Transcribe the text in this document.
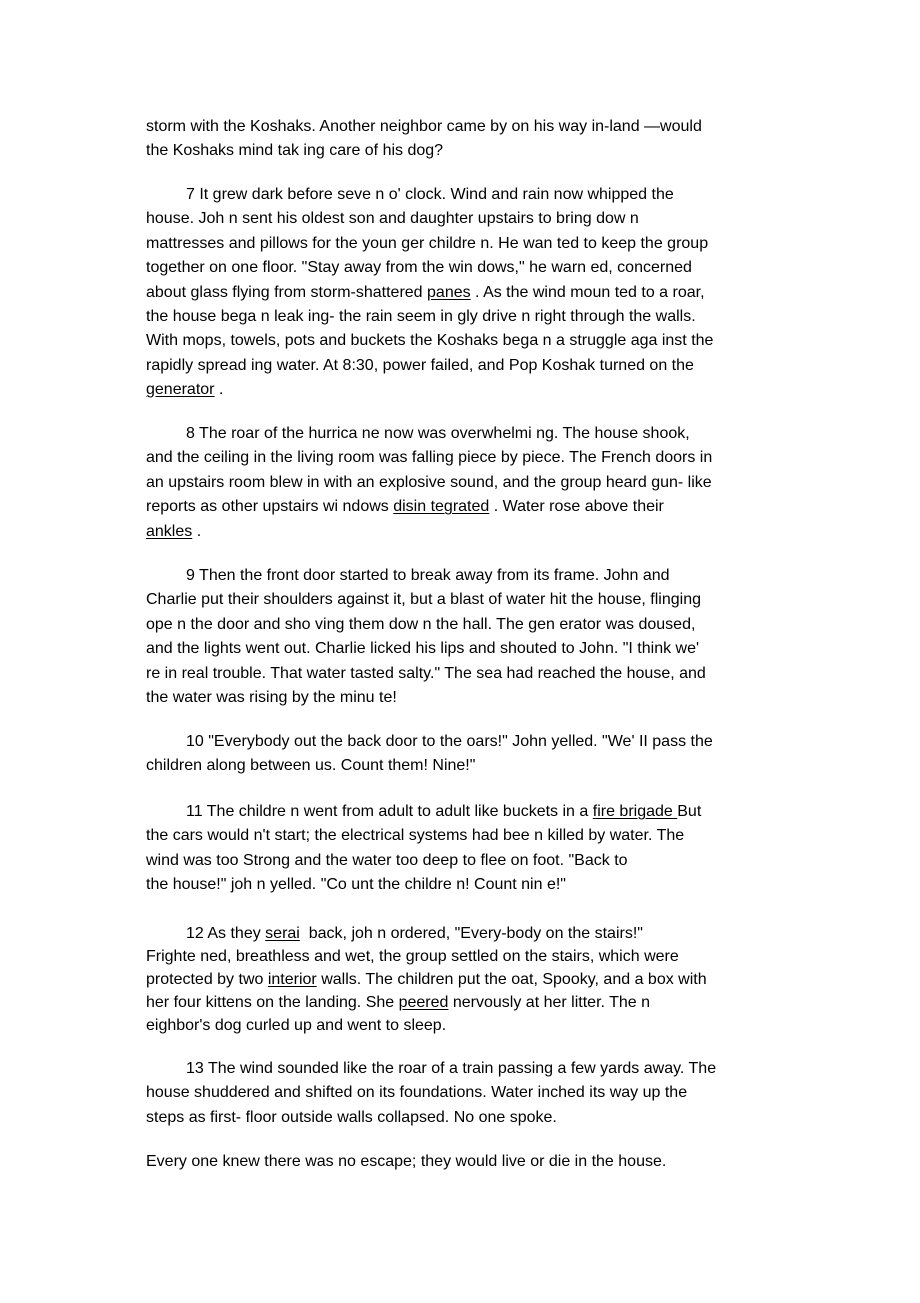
storm with the Koshaks. Another neighbor came by on his way in-land —would
the Koshaks mind tak ing care of his dog?

7 It grew dark before seve n o' clock. Wind and rain now whipped the
house. Joh n sent his oldest son and daughter upstairs to bring dow n
mattresses and pillows for the youn ger childre n. He wan ted to keep the group
together on one floor. "Stay away from the win dows," he warn ed, concerned
about glass flying from storm-shattered panes . As the wind moun ted to a roar,
the house bega n leak ing- the rain seem in gly drive n right through the walls.
With mops, towels, pots and buckets the Koshaks bega n a struggle aga inst the
rapidly spread ing water. At 8:30, power failed, and Pop Koshak turned on the
generator .

8 The roar of the hurrica ne now was overwhelmi ng. The house shook,
and the ceiling in the living room was falling piece by piece. The French doors in
an upstairs room blew in with an explosive sound, and the group heard gun- like
reports as other upstairs wi ndows disin tegrated . Water rose above their
ankles .

9 Then the front door started to break away from its frame. John and
Charlie put their shoulders against it, but a blast of water hit the house, flinging
ope n the door and sho ving them dow n the hall. The gen erator was doused,
and the lights went out. Charlie licked his lips and shouted to John. "I think we'
re in real trouble. That water tasted salty." The sea had reached the house, and
the water was rising by the minu te!

10 "Everybody out the back door to the oars!" John yelled. "We' II pass the
children along between us. Count them! Nine!"

11 The childre n went from adult to adult like buckets in a fire brigade But
the cars would n't start; the electrical systems had bee n killed by water. The
wind was too Strong and the water too deep to flee on foot. "Back to
the house!" joh n yelled. "Co unt the childre n! Count nin e!"

12 As they serai  back, joh n ordered, "Every-body on the stairs!"
Frighte ned, breathless and wet, the group settled on the stairs, which were
protected by two interior walls. The children put the oat, Spooky, and a box with
her four kittens on the landing. She peered nervously at her litter. The n
eighbor's dog curled up and went to sleep.

13 The wind sounded like the roar of a train passing a few yards away. The
house shuddered and shifted on its foundations. Water inched its way up the
steps as first- floor outside walls collapsed. No one spoke.

Every one knew there was no escape; they would live or die in the house.
